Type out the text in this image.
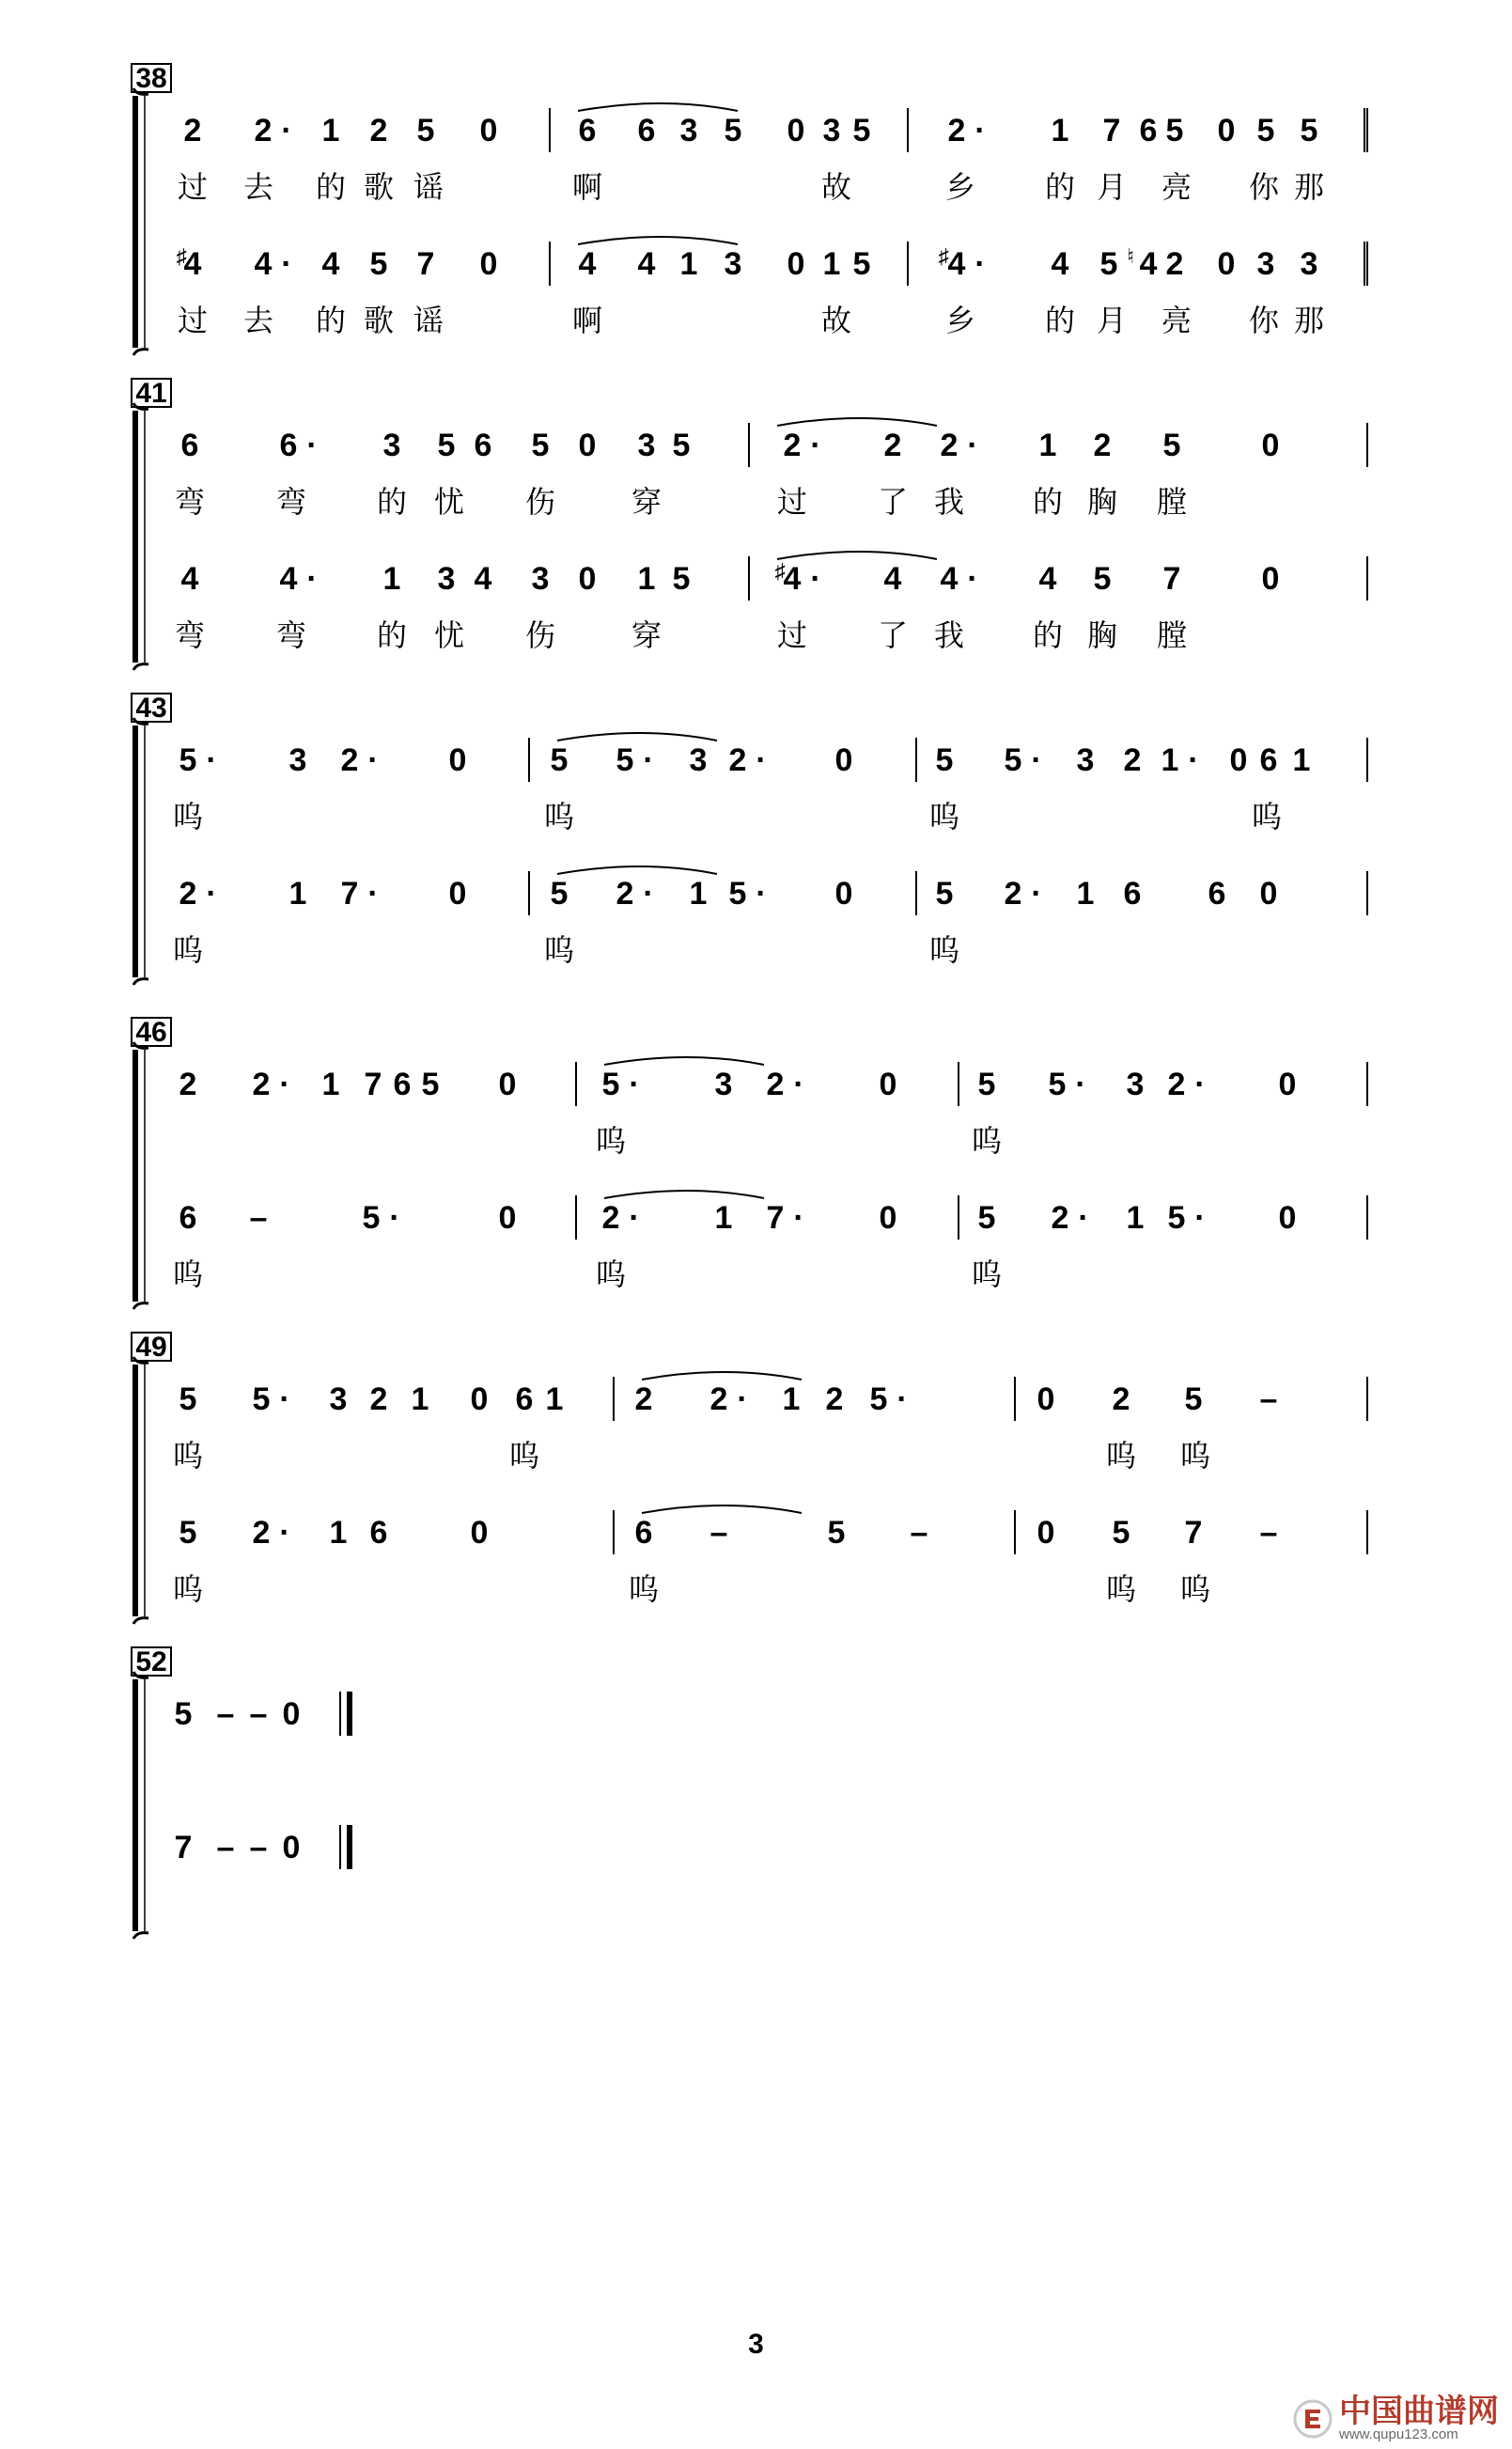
38
2 2 · 1 2 5 0	6 6 3 5 0 3 5 2 · 1 7 6 5 0 5 5
过 去 的 歌 谣	啊	故	乡 的 月 亮 你 那
♯	♯	♮
4 4 · 4 5 7 0	4 4 1 3 0 1 5 4 · 4 5 4 2 0 3 3
过 去 的 歌 谣	啊	故	乡 的 月 亮 你 那
41
6	6 · 3 5 6 5 0 3 5	2 · 2 2 · 1 2 5	0
弯 弯 的 忧 伤	穿	过 了 我 的 胸 膛
♯
4	4 · 1 3 4 3 0 1 5	4 · 4 4 · 4 5 7	0
弯 弯 的 忧 伤	穿	过 了 我 的 胸 膛
43
5 · 3 2 · 0	5 5 · 3 2 · 0	5 5 · 3 2 1 · 0 6 1
呜	呜	呜	呜
2 · 1 7 · 0	5 2 · 1 5 · 0	5 2 · 1 6 6 0
呜	呜	呜
46
2 2 · 1 7 6 5 0	5 · 3 2 · 0	5 5 · 3 2 · 0
呜	呜
6 –	5 ·	0	2 · 1 7 · 0	5 2 · 1 5 · 0
呜	呜	呜
49
5 5 · 3 2 1 0 6 1 2 2 · 1 2 5 ·	0 2 5 –
呜	呜	呜 呜
5 2 · 1 6	0	6 –	5 –	0 5 7 –
呜	呜	呜 呜
52
5 – – 0
7 – – 0
3
中国曲谱网
www.qupu123.com
